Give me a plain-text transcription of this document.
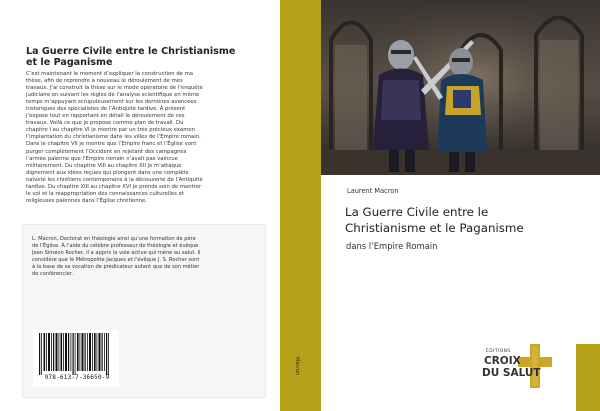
La Guerre Civile entre le Christianisme
et le Paganisme
C’est maintenant le moment d’expliquer la construction de ma
thèse, afin de reprendre à nouveau le déroulement de mes
travaux. J’ai construit la thèse sur le mode opératoire de l’enquête
judiciaire en suivant les règles de l’analyse scientifique en même
temps m’appuyant scrupuleusement sur les dernières avancées
historiques des spécialistes de l’Antiquité tardive. À présent
j’expose tout en rapportant en détail le déroulement de ces
travaux. Voilà ce que je propose comme plan de travail. Du
chapitre I au chapitre VI je montre par un très précieux examen
l’implantation du christianisme dans les villes de l’Empire romain.
Dans le chapitre VII je montre que l’Empire franc et l’Église vont
purger complètement l’Occident en rejetant des campagnes
l’armée païenne que l’Empire romain n’avait pas vaincue
militairement. Du chapitre VIII au chapitre XII je m’attaque
dignement aux idées reçues qui plongent dans une complète
naïveté les chrétiens contemporains à la découverte de l’Antiquité
tardive. Du chapitre XIII au chapitre XVI je prends soin de montrer
le vol et la réappropriation des connaissances culturelles et
religieuses païennes dans l’Église chrétienne.
L. Macron, Doctorat en théologie ainsi qu’une formation de père
de l’Église. À l’aide du célèbre professeur de théologie et évêque
Jean Siméon Rocher, il a appris la voie active qui mène au salut. Il
considère que le Métropolite Jacques et l’évêque J. S. Rocher sont
à la base de sa vocation de prédicateur autant que de son métier
de conférencier.
978-613-7-36650-9
Macron
Laurent Macron
La Guerre Civile entre le
Christianisme et le Paganisme
dans l’Empire Romain
ÉDITIONS
CROIX
DU SALUT
